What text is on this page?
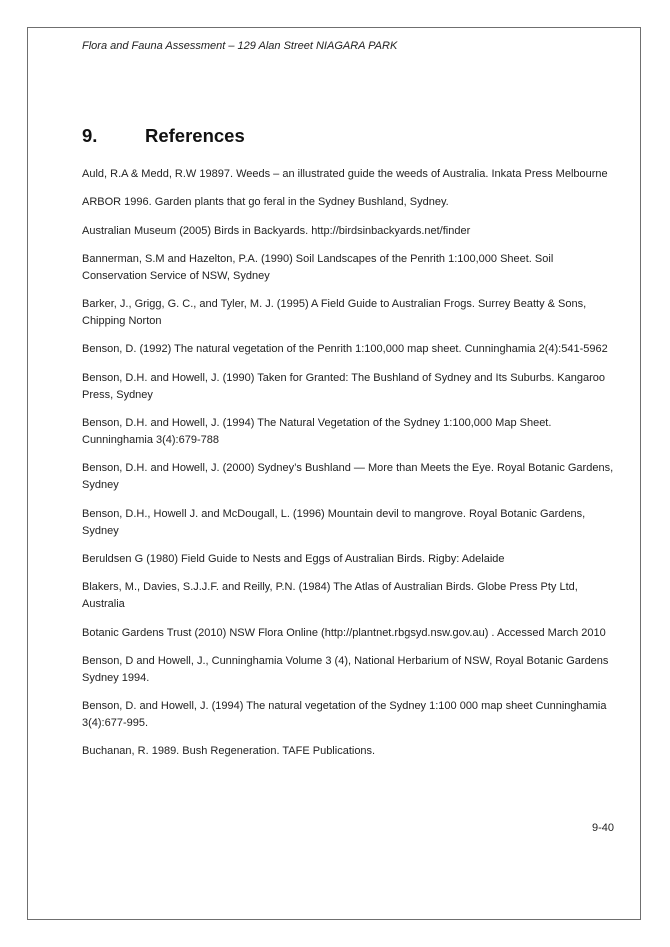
Flora and Fauna Assessment – 129 Alan Street NIAGARA PARK
9.	References
Auld, R.A & Medd, R.W 19897. Weeds – an illustrated guide the weeds of Australia. Inkata Press Melbourne
ARBOR 1996. Garden plants that go feral in the Sydney Bushland, Sydney.
Australian Museum (2005) Birds in Backyards. http://birdsinbackyards.net/finder
Bannerman, S.M and Hazelton, P.A. (1990) Soil Landscapes of the Penrith 1:100,000 Sheet. Soil Conservation Service of NSW, Sydney
Barker, J., Grigg, G. C., and Tyler, M. J. (1995) A Field Guide to Australian Frogs. Surrey Beatty & Sons, Chipping Norton
Benson, D. (1992) The natural vegetation of the Penrith 1:100,000 map sheet. Cunninghamia 2(4):541-5962
Benson, D.H. and Howell, J. (1990) Taken for Granted: The Bushland of Sydney and Its Suburbs. Kangaroo Press, Sydney
Benson, D.H. and Howell, J. (1994) The Natural Vegetation of the Sydney 1:100,000 Map Sheet. Cunninghamia 3(4):679-788
Benson, D.H. and Howell, J. (2000) Sydney’s Bushland — More than Meets the Eye. Royal Botanic Gardens, Sydney
Benson, D.H., Howell J. and McDougall, L. (1996) Mountain devil to mangrove. Royal Botanic Gardens, Sydney
Beruldsen G (1980) Field Guide to Nests and Eggs of Australian Birds. Rigby: Adelaide
Blakers, M., Davies, S.J.J.F. and Reilly, P.N. (1984) The Atlas of Australian Birds. Globe Press Pty Ltd, Australia
Botanic Gardens Trust (2010) NSW Flora Online (http://plantnet.rbgsyd.nsw.gov.au) . Accessed March 2010
Benson, D and Howell, J., Cunninghamia Volume 3 (4), National Herbarium of NSW, Royal Botanic Gardens Sydney 1994.
Benson, D. and Howell, J. (1994) The natural vegetation of the Sydney 1:100 000 map sheet Cunninghamia 3(4):677-995.
Buchanan, R. 1989. Bush Regeneration. TAFE Publications.
9-40
